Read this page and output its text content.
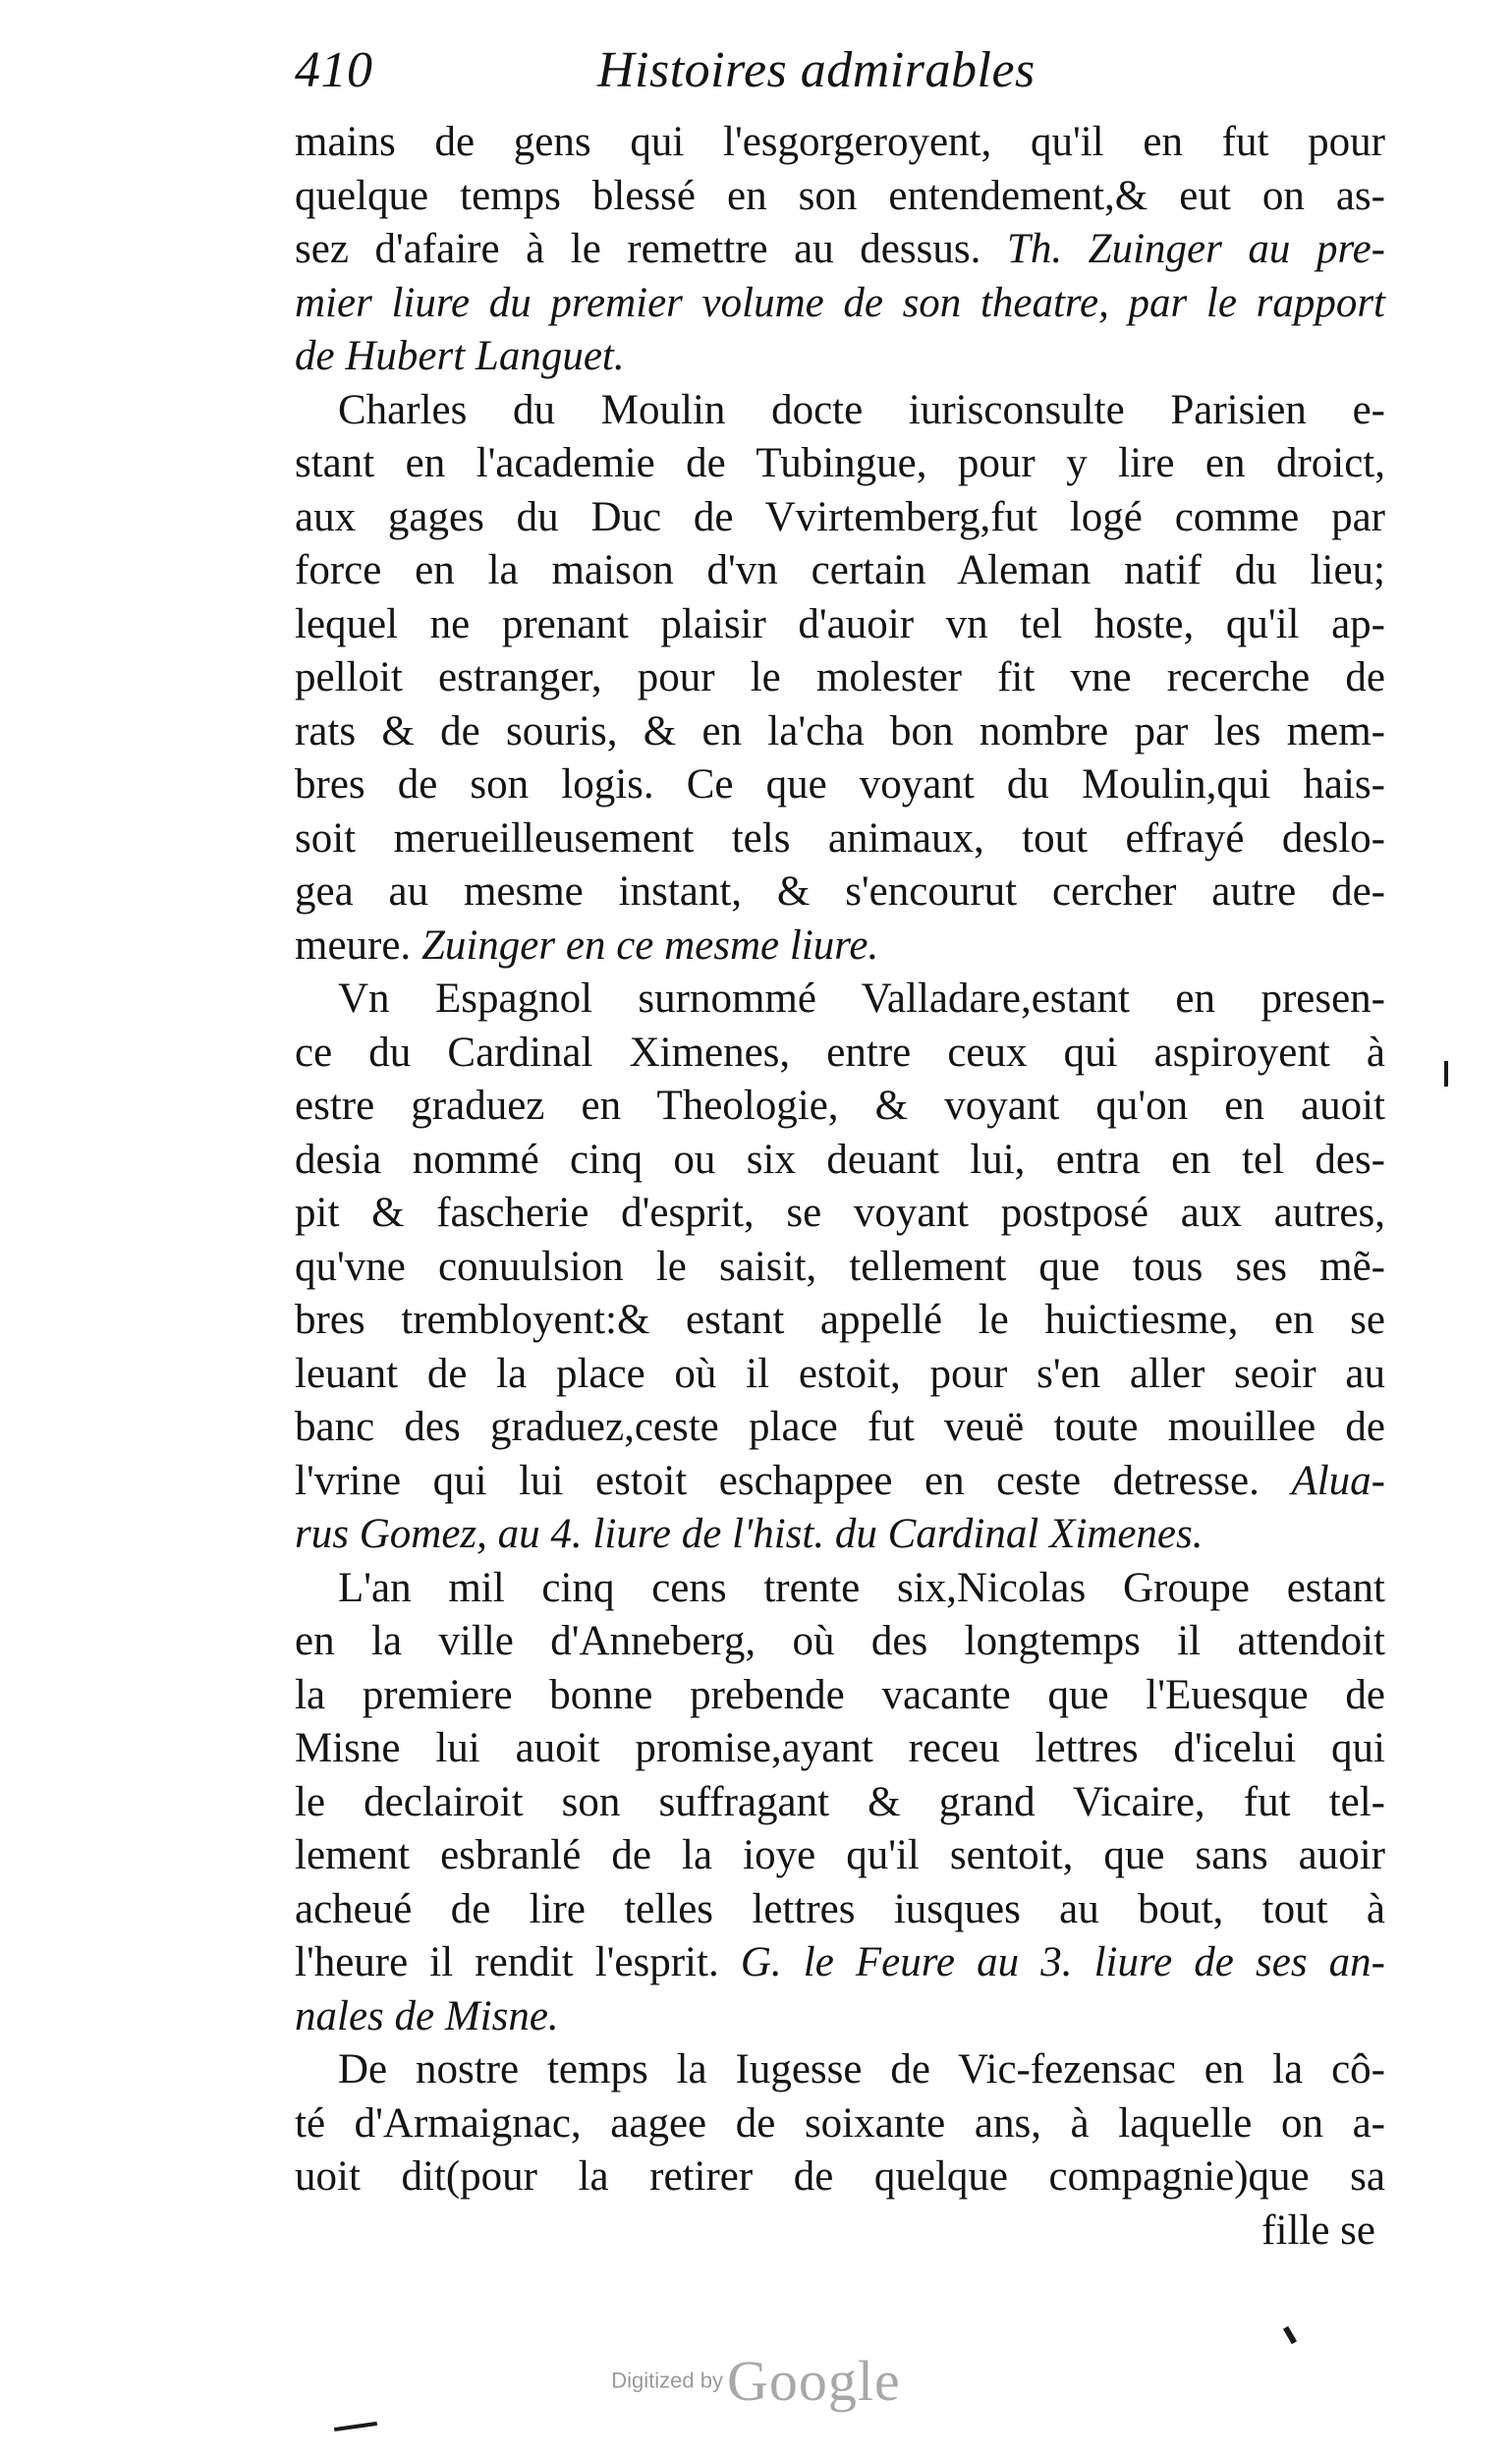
410	Histoires admirables
mains de gens qui l'esgorgeroyent, qu'il en fut pour
quelque temps blessé en son entendement,& eut on as-
sez d'afaire à le remettre au dessus. Th. Zuinger au pre-
mier liure du premier volume de son theatre, par le rapport
de Hubert Languet.
Charles du Moulin docte iurisconsulte Parisien e-
stant en l'academie de Tubingue, pour y lire en droict,
aux gages du Duc de Vvirtemberg,fut logé comme par
force en la maison d'vn certain Aleman natif du lieu;
lequel ne prenant plaisir d'auoir vn tel hoste, qu'il ap-
pelloit estranger, pour le molester fit vne recerche de
rats & de souris, & en la'cha bon nombre par les mem-
bres de son logis. Ce que voyant du Moulin,qui hais-
soit merueilleusement tels animaux, tout effrayé deslo-
gea au mesme instant, & s'encourut cercher autre de-
meure. Zuinger en ce mesme liure.
Vn Espagnol surnommé Valladare,estant en presen-
ce du Cardinal Ximenes, entre ceux qui aspiroyent à
estre graduez en Theologie, & voyant qu'on en auoit
desia nommé cinq ou six deuant lui, entra en tel des-
pit & fascherie d'esprit, se voyant postposé aux autres,
qu'vne conuulsion le saisit, tellement que tous ses mẽ-
bres trembloyent:& estant appellé le huictiesme, en se
leuant de la place où il estoit, pour s'en aller seoir au
banc des graduez,ceste place fut veuë toute mouillee de
l'vrine qui lui estoit eschappee en ceste detresse. Alua-
rus Gomez, au 4. liure de l'hist. du Cardinal Ximenes.
L'an mil cinq cens trente six,Nicolas Groupe estant
en la ville d'Anneberg, où des longtemps il attendoit
la premiere bonne prebende vacante que l'Euesque de
Misne lui auoit promise,ayant receu lettres d'icelui qui
le declairoit son suffragant & grand Vicaire, fut tel-
lement esbranlé de la ioye qu'il sentoit, que sans auoir
acheué de lire telles lettres iusques au bout, tout à
l'heure il rendit l'esprit. G. le Feure au 3. liure de ses an-
nales de Misne.
De nostre temps la Iugesse de Vic-fezensac en la cô-
té d'Armaignac, aagee de soixante ans, à laquelle on a-
uoit dit(pour la retirer de quelque compagnie)que sa
fille se
Digitized by Google
